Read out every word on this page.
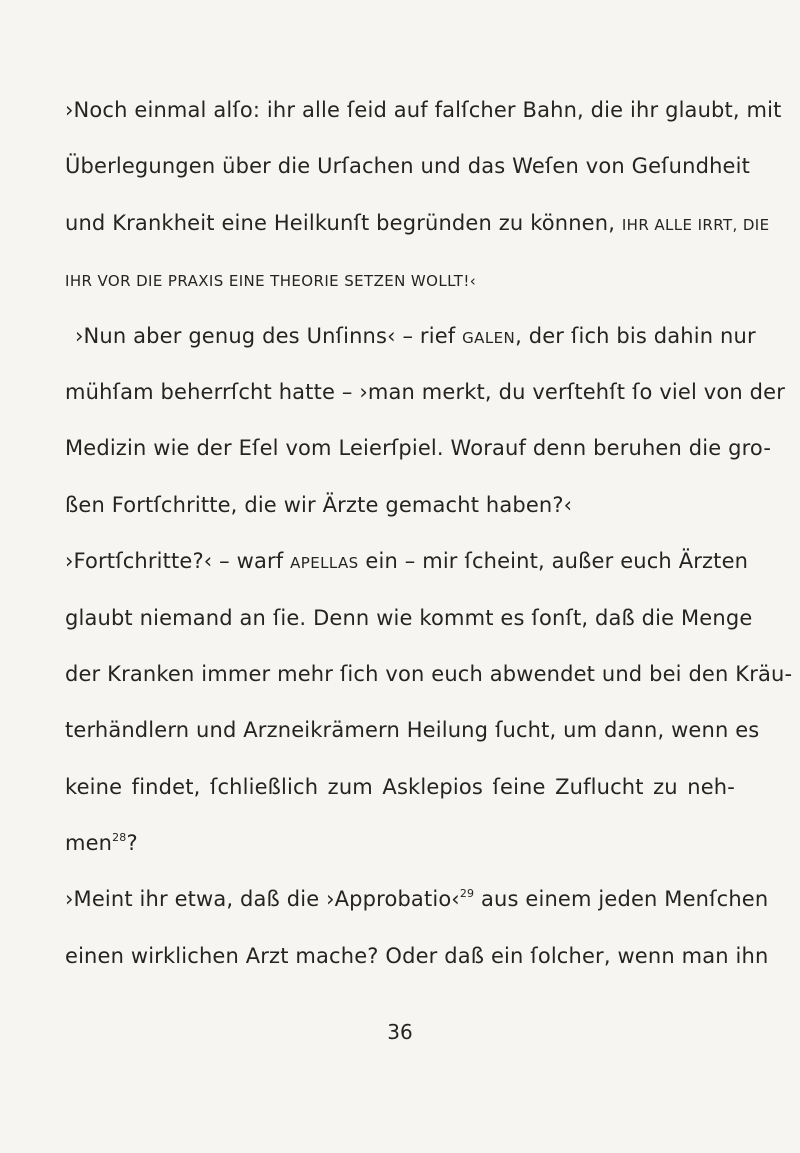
›Noch einmal alſo: ihr alle ſeid auf falſcher Bahn, die ihr glaubt, mit
Überlegungen über die Urſachen und das Weſen von Geſundheit
und Krankheit eine Heilkunſt begründen zu können, IHR ALLE IRRT, DIE
IHR VOR DIE PRAXIS EINE THEORIE SETZEN WOLLT!‹
›Nun aber genug des Unſinns‹ – rief GALEN, der ſich bis dahin nur
mühſam beherrſcht hatte – ›man merkt, du verſtehſt ſo viel von der
Medizin wie der Eſel vom Leierſpiel. Worauf denn beruhen die gro-
ßen Fortſchritte, die wir Ärzte gemacht haben?‹
›Fortſchritte?‹ – warf APELLAS ein – mir ſcheint, außer euch Ärzten
glaubt niemand an ſie. Denn wie kommt es ſonſt, daß die Menge
der Kranken immer mehr ſich von euch abwendet und bei den Kräu-
terhändlern und Arzneikrämern Heilung ſucht, um dann, wenn es
keine findet, ſchließlich zum Asklepios ſeine Zuflucht zu neh-
men$^{28}$?
›Meint ihr etwa, daß die ›Approbatio‹$^{29}$ aus einem jeden Menſchen
einen wirklichen Arzt mache? Oder daß ein ſolcher, wenn man ihn
36
